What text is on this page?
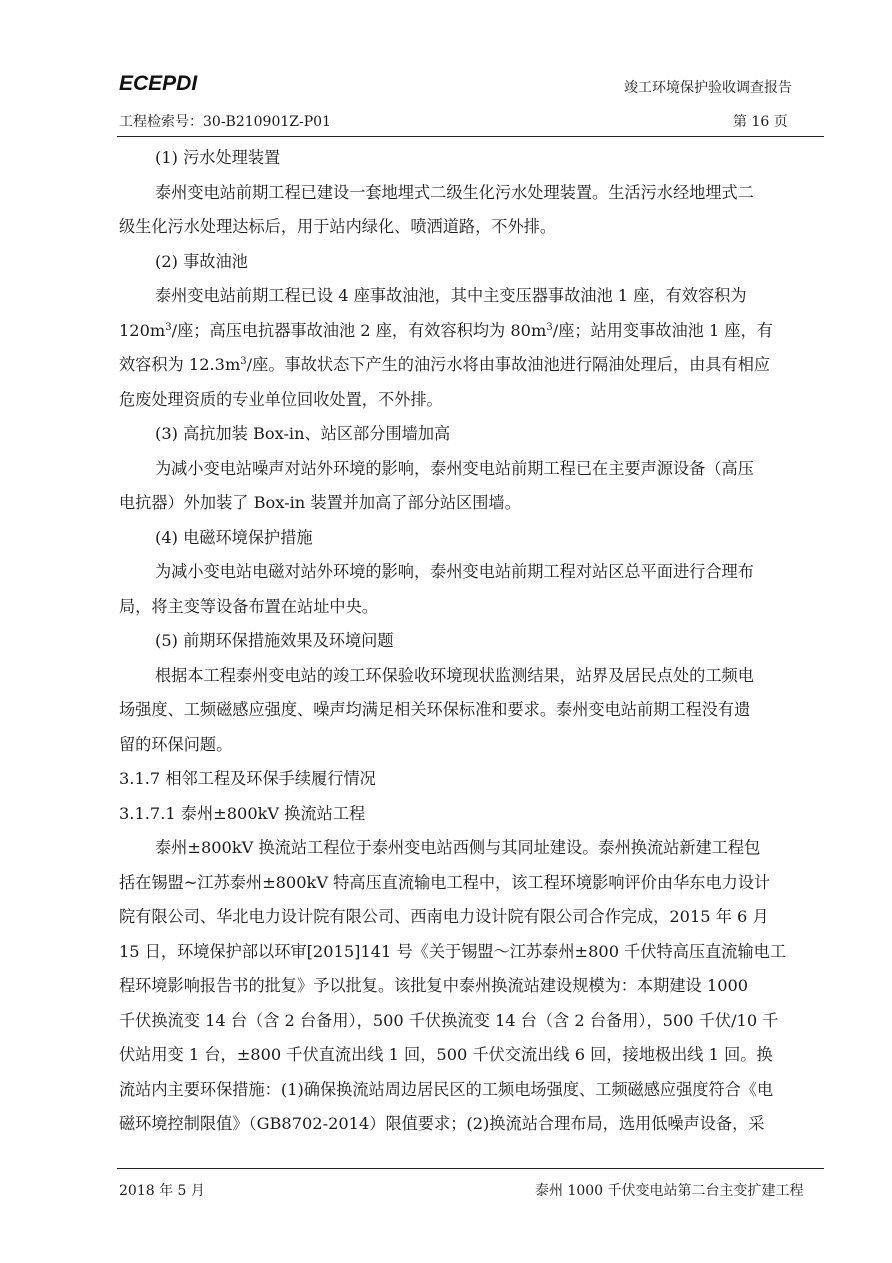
ECEPDI	竣工环境保护验收调查报告
工程检索号：30-B210901Z-P01	第 16 页

(1) 污水处理装置

泰州变电站前期工程已建设一套地埋式二级生化污水处理装置。生活污水经地埋式二

级生化污水处理达标后，用于站内绿化、喷洒道路，不外排。

(2) 事故油池

泰州变电站前期工程已设 4 座事故油池，其中主变压器事故油池 1 座，有效容积为

$120m^3/$座；高压电抗器事故油池 2 座，有效容积均为 $80m^3/$座；站用变事故油池 1 座，有

效容积为 $12.3m^3/$座。事故状态下产生的油污水将由事故油池进行隔油处理后，由具有相应

危废处理资质的专业单位回收处置，不外排。

(3) 高抗加装 Box-in、站区部分围墙加高

为减小变电站噪声对站外环境的影响，泰州变电站前期工程已在主要声源设备（高压

电抗器）外加装了 Box-in 装置并加高了部分站区围墙。

(4) 电磁环境保护措施

为减小变电站电磁对站外环境的影响，泰州变电站前期工程对站区总平面进行合理布

局，将主变等设备布置在站址中央。

(5) 前期环保措施效果及环境问题

根据本工程泰州变电站的竣工环保验收环境现状监测结果，站界及居民点处的工频电

场强度、工频磁感应强度、噪声均满足相关环保标准和要求。泰州变电站前期工程没有遗

留的环保问题。

3.1.7 相邻工程及环保手续履行情况

3.1.7.1 泰州±800kV 换流站工程

泰州±800kV 换流站工程位于泰州变电站西侧与其同址建设。泰州换流站新建工程包

括在锡盟~江苏泰州±800kV 特高压直流输电工程中，该工程环境影响评价由华东电力设计

院有限公司、华北电力设计院有限公司、西南电力设计院有限公司合作完成，2015 年 6 月

15 日，环境保护部以环审[2015]141 号《关于锡盟～江苏泰州±800 千伏特高压直流输电工

程环境影响报告书的批复》予以批复。该批复中泰州换流站建设规模为：本期建设 1000

千伏换流变 14 台（含 2 台备用），500 千伏换流变 14 台（含 2 台备用），500 千伏/10 千

伏站用变 1 台，±800 千伏直流出线 1 回，500 千伏交流出线 6 回，接地极出线 1 回。换

流站内主要环保措施：(1)确保换流站周边居民区的工频电场强度、工频磁感应强度符合《电

磁环境控制限值》（GB8702-2014）限值要求；(2)换流站合理布局，选用低噪声设备，采

2018 年 5 月	泰州 1000 千伏变电站第二台主变扩建工程
